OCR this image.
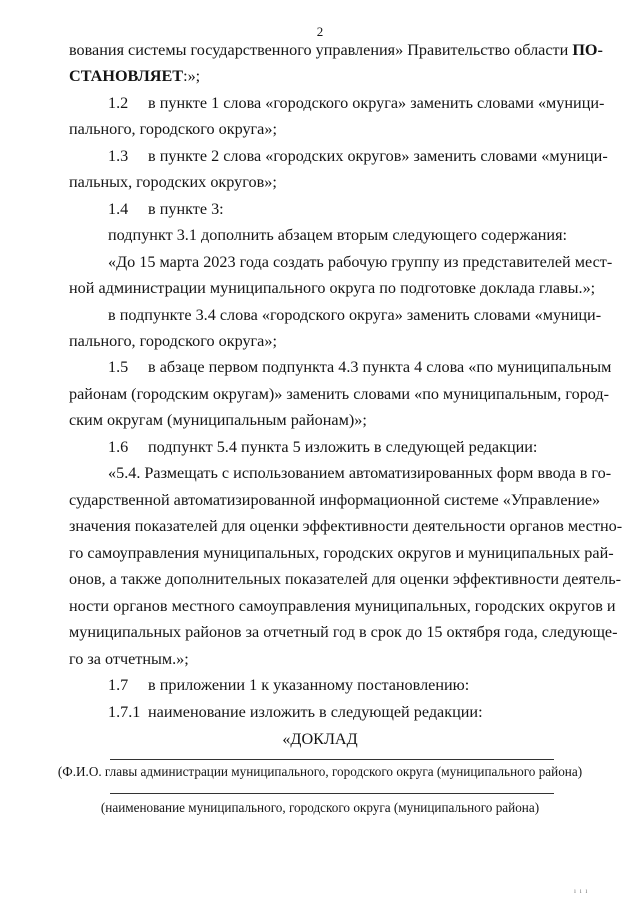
2
вования системы государственного управления» Правительство области ПО-
СТАНОВЛЯЕТ:»;
1.2 в пункте 1 слова «городского округа» заменить словами «муници-
пального, городского округа»;
1.3 в пункте 2 слова «городских округов» заменить словами «муници-
пальных, городских округов»;
1.4 в пункте 3:
подпункт 3.1 дополнить абзацем вторым следующего содержания:
«До 15 марта 2023 года создать рабочую группу из представителей мест-
ной администрации муниципального округа по подготовке доклада главы.»;
в подпункте 3.4 слова «городского округа» заменить словами «муници-
пального, городского округа»;
1.5 в абзаце первом подпункта 4.3 пункта 4 слова «по муниципальным
районам (городским округам)» заменить словами «по муниципальным, город-
ским округам (муниципальным районам)»;
1.6 подпункт 5.4 пункта 5 изложить в следующей редакции:
«5.4. Размещать с использованием автоматизированных форм ввода в го-
сударственной автоматизированной информационной системе «Управление»
значения показателей для оценки эффективности деятельности органов местно-
го самоуправления муниципальных, городских округов и муниципальных рай-
онов, а также дополнительных показателей для оценки эффективности деятель-
ности органов местного самоуправления муниципальных, городских округов и
муниципальных районов за отчетный год в срок до 15 октября года, следующе-
го за отчетным.»;
1.7 в приложении 1 к указанному постановлению:
1.7.1 наименование изложить в следующей редакции:
«ДОКЛАД
(Ф.И.О. главы администрации муниципального, городского округа (муниципального района)
(наименование муниципального, городского округа (муниципального района)
ı ı ı
